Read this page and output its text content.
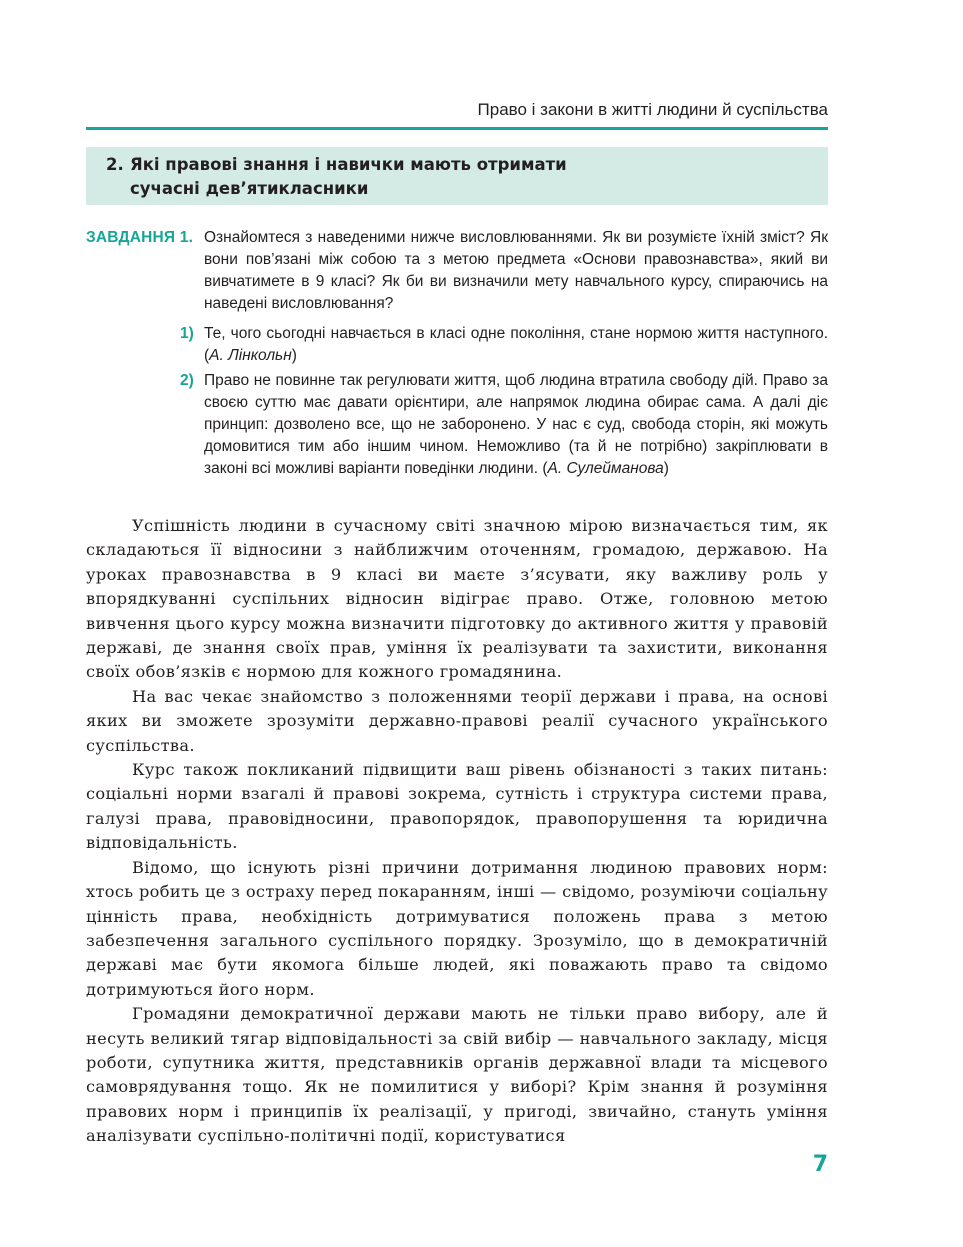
Право і закони в житті людини й суспільства
2. Які правові знання і навички мають отримати
сучасні дев’ятикласники
ЗАВДАННЯ 1. Ознайомтеся з наведеними нижче висловлюваннями. Як ви розумієте їхній зміст? Як вони пов’язані між собою та з метою предмета «Основи правознавства», який ви вивчатимете в 9 класі? Як би ви визначили мету навчального курсу, спираючись на наведені висловлювання?

1) Те, чого сьогодні навчається в класі одне покоління, стане нормою життя наступного. (А. Лінкольн)
2) Право не повинне так регулювати життя, щоб людина втратила свободу дій. Право за своєю суттю має давати орієнтири, але напрямок людина обирає сама. А далі діє принцип: дозволено все, що не заборонено. У нас є суд, свобода сторін, які можуть домовитися тим або іншим чином. Неможливо (та й не потрібно) закріплювати в законі всі можливі варіанти поведінки людини. (А. Сулейманова)

Успішність людини в сучасному світі значною мірою визначається тим, як складаються її відносини з найближчим оточенням, громадою, державою. На уроках правознавства в 9 класі ви маєте з’ясувати, яку важливу роль у впорядкуванні суспільних відносин відіграє право. Отже, головною метою вивчення цього курсу можна визначити підготовку до активного життя у правовій державі, де знання своїх прав, уміння їх реалізувати та захистити, виконання своїх обов’язків є нормою для кожного громадянина.

На вас чекає знайомство з положеннями теорії держави і права, на основі яких ви зможете зрозуміти державно-правові реалії сучасного українського суспільства.

Курс також покликаний підвищити ваш рівень обізнаності з таких питань: соціальні норми взагалі й правові зокрема, сутність і структура системи права, галузі права, правовідносини, правопорядок, правопорушення та юридична відповідальність.

Відомо, що існують різні причини дотримання людиною правових норм: хтось робить це з остраху перед покаранням, інші — свідомо, розуміючи соціальну цінність права, необхідність дотримуватися положень права з метою забезпечення загального суспільного порядку. Зрозуміло, що в демократичній державі має бути якомога більше людей, які поважають право та свідомо дотримуються його норм.

Громадяни демократичної держави мають не тільки право вибору, але й несуть великий тягар відповідальності за свій вибір — навчального закладу, місця роботи, супутника життя, представників органів державної влади та місцевого самоврядування тощо. Як не помилитися у виборі? Крім знання й розуміння правових норм і принципів їх реалізації, у пригоді, звичайно, стануть уміння аналізувати суспільно-політичні події, користуватися

7
